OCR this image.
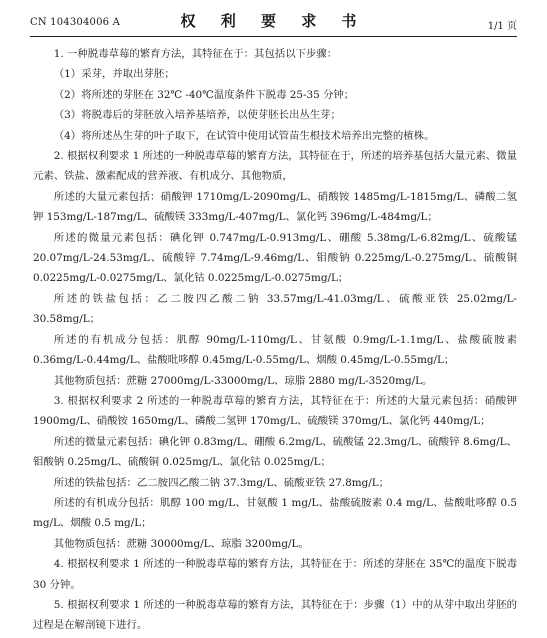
CN 104304006 A	权 利 要 求 书	1/1 页

1. 一种脱毒草莓的繁育方法，其特征在于：其包括以下步骤：

（1）采芽，并取出芽胚；

（2）将所述的芽胚在 32℃ -40℃温度条件下脱毒 25-35 分钟；

（3）将脱毒后的芽胚放入培养基培养，以使芽胚长出丛生芽；

（4）将所述丛生芽的叶子取下，在试管中使用试管苗生根技术培养出完整的植株。

2. 根据权利要求 1 所述的一种脱毒草莓的繁育方法，其特征在于，所述的培养基包括大量元素、微量元素、铁盐、激素配成的营养液、有机成分、其他物质，

所述的大量元素包括：硝酸钾 1710mg/L-2090mg/L、硝酸铵 1485mg/L-1815mg/L、磷酸二氢钾 153mg/L-187mg/L、硫酸镁 333mg/L-407mg/L、氯化钙 396mg/L-484mg/L；

所述的微量元素包括：碘化钾 0.747mg/L-0.913mg/L、硼酸 5.38mg/L-6.82mg/L、硫酸锰 20.07mg/L-24.53mg/L、硫酸锌 7.74mg/L-9.46mg/L、钼酸钠 0.225mg/L-0.275mg/L、硫酸铜 0.0225mg/L-0.0275mg/L、氯化钴 0.0225mg/L-0.0275mg/L；

所述的铁盐包括：乙二胺四乙酸二钠 33.57mg/L-41.03mg/L、硫酸亚铁 25.02mg/L-30.58mg/L；

所述的有机成分包括：肌醇 90mg/L-110mg/L、甘氨酸 0.9mg/L-1.1mg/L、盐酸硫胺素 0.36mg/L-0.44mg/L、盐酸吡哆醇 0.45mg/L-0.55mg/L、烟酸 0.45mg/L-0.55mg/L；

其他物质包括：蔗糖 27000mg/L-33000mg/L、琼脂 2880 mg/L-3520mg/L。

3. 根据权利要求 2 所述的一种脱毒草莓的繁育方法，其特征在于：所述的大量元素包括：硝酸钾 1900mg/L、硝酸铵 1650mg/L、磷酸二氢钾 170mg/L、硫酸镁 370mg/L、氯化钙 440mg/L；

所述的微量元素包括：碘化钾 0.83mg/L、硼酸 6.2mg/L、硫酸锰 22.3mg/L、硫酸锌 8.6mg/L、钼酸钠 0.25mg/L、硫酸铜 0.025mg/L、氯化钴 0.025mg/L；

所述的铁盐包括：乙二胺四乙酸二钠 37.3mg/L、硫酸亚铁 27.8mg/L；

所述的有机成分包括：肌醇 100 mg/L、甘氨酸 1 mg/L、盐酸硫胺素 0.4 mg/L、盐酸吡哆醇 0.5 mg/L、烟酸 0.5 mg/L；

其他物质包括：蔗糖 30000mg/L、琼脂 3200mg/L。

4. 根据权利要求 1 所述的一种脱毒草莓的繁育方法，其特征在于：所述的芽胚在 35℃的温度下脱毒 30 分钟。

5. 根据权利要求 1 所述的一种脱毒草莓的繁育方法，其特征在于：步骤（1）中的从芽中取出芽胚的过程是在解剖镜下进行。
